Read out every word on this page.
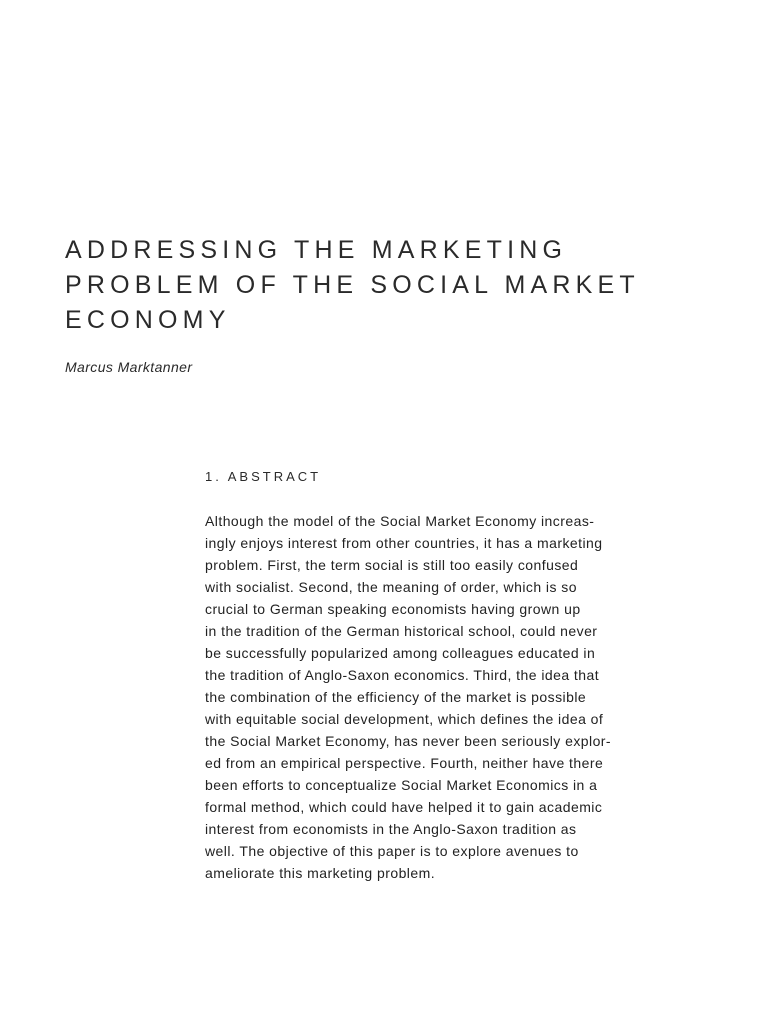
ADDRESSING THE MARKETING
PROBLEM OF THE SOCIAL MARKET
ECONOMY

Marcus Marktanner

1. ABSTRACT

Although the model of the Social Market Economy increas-
ingly enjoys interest from other countries, it has a marketing
problem. First, the term social is still too easily confused
with socialist. Second, the meaning of order, which is so
crucial to German speaking economists having grown up
in the tradition of the German historical school, could never
be successfully popularized among colleagues educated in
the tradition of Anglo-Saxon economics. Third, the idea that
the combination of the efficiency of the market is possible
with equitable social development, which defines the idea of
the Social Market Economy, has never been seriously explor-
ed from an empirical perspective. Fourth, neither have there
been efforts to conceptualize Social Market Economics in a
formal method, which could have helped it to gain academic
interest from economists in the Anglo-Saxon tradition as
well. The objective of this paper is to explore avenues to
ameliorate this marketing problem.
